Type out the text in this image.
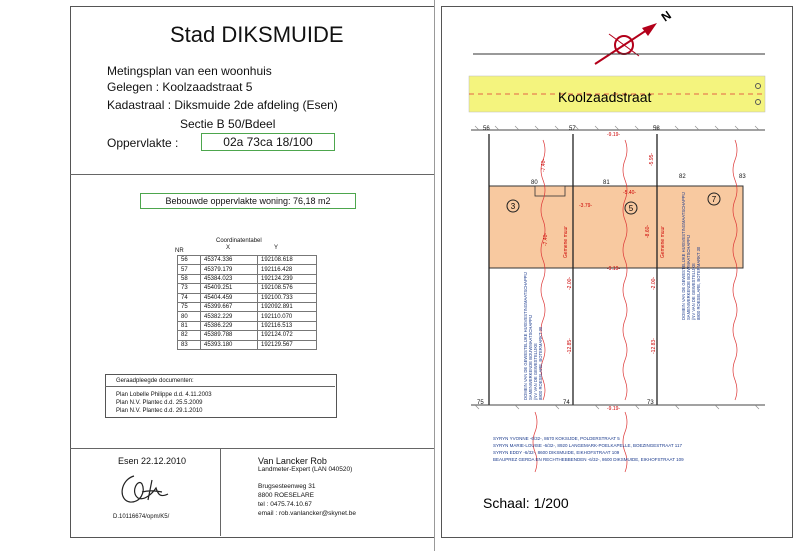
Stad DIKSMUIDE
Metingsplan van een woonhuis
Gelegen : Koolzaadstraat 5
Kadastraal : Diksmuide 2de afdeling (Esen)
Sectie B 50/Bdeel
Oppervlakte :	02a 73ca 18/100
Bebouwde oppervlakte woning: 76,18 m2
Coordinatentabel
NR	X	Y
56	45374.336	192108.618
57	45379.179	192116.428
58	45384.023	192124.239
73	45409.251	192108.576
74	45404.459	192100.733
75	45399.667	192092.891
80	45382.229	192110.070
81	45386.229	192116.513
82	45389.788	192124.072
83	45393.180	192129.567
Geraadpleegde documenten:
Plan Lobelle Philippe d.d. 4.11.2003
Plan N.V. Plantec d.d. 25.5.2009
Plan N.V. Plantec d.d. 29.1.2010
Esen 22.12.2010
D.10116674/opm/K5/
Van Lancker Rob
Landmeter-Expert (LAN 040520)
Brugsesteenweg 31
8800 ROESELARE
tel : 0475.74.10.67
email : rob.vanlancker@skynet.be
N
Koolzaadstraat
56	57	58
80	81
82	83
75	74	73
3	5
7
-9.19-
-7.40-
-5.40-
-3.79-
-5.95-
-7.40-
-8.60-
-9.19-
-2.00-	-2.00-
-12.85-	-12.83-
-9.19-
Gemene muur	Gemene muur
DOMEIN VAN DE GEWESTELIJKE HUISVESTINGMAATSCHAPPIJ SAMENWERKENDE BOUWMAATSCHAPPIJ (NV VAN DE GEWESTELIJKE 8800 ROESELARE, BOTERMARKT 30
DOMEIN VAN DE GEWESTELIJKE HUISVESTINGMAATSCHAPPIJ SAMENWERKENDE BOUWMAATSCHAPPIJ (NV VAN DE GEWESTELIJKE 8800 ROESELARE, BOTERMARKT 30
SYRYN YVONNE -6/32-, 8670 KOKSIJDE, POLDERSTRAAT 5
SYRYN MARIE-LOUISE -6/32-, 8920 LANGEMARK-POELKAPELLE, BOEZINGESTRAAT 117
SYRYN EDDY -6/32-, 8600 DIKSMUIDE, EIKHOFSTRAAT 109
BEAUPREZ GERDA EN RECHTHEBBENDEN -6/32-, 8600 DIKSMUIDE, EIKHOFSTRAAT 109
Schaal: 1/200
